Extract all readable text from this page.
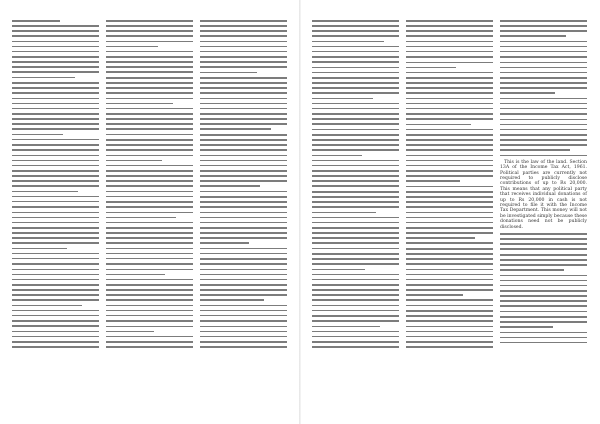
This is the law of the land. Section 13A of the Income Tax Act, 1961. Political parties are currently not required to publicly disclose contributions of up to Rs 20,000. This means that any political party that receives individual donations of up to Rs 20,000 in cash is not required to file it with the Income Tax Department. This money will not be investigated simply because these donations need not be publicly disclosed.
